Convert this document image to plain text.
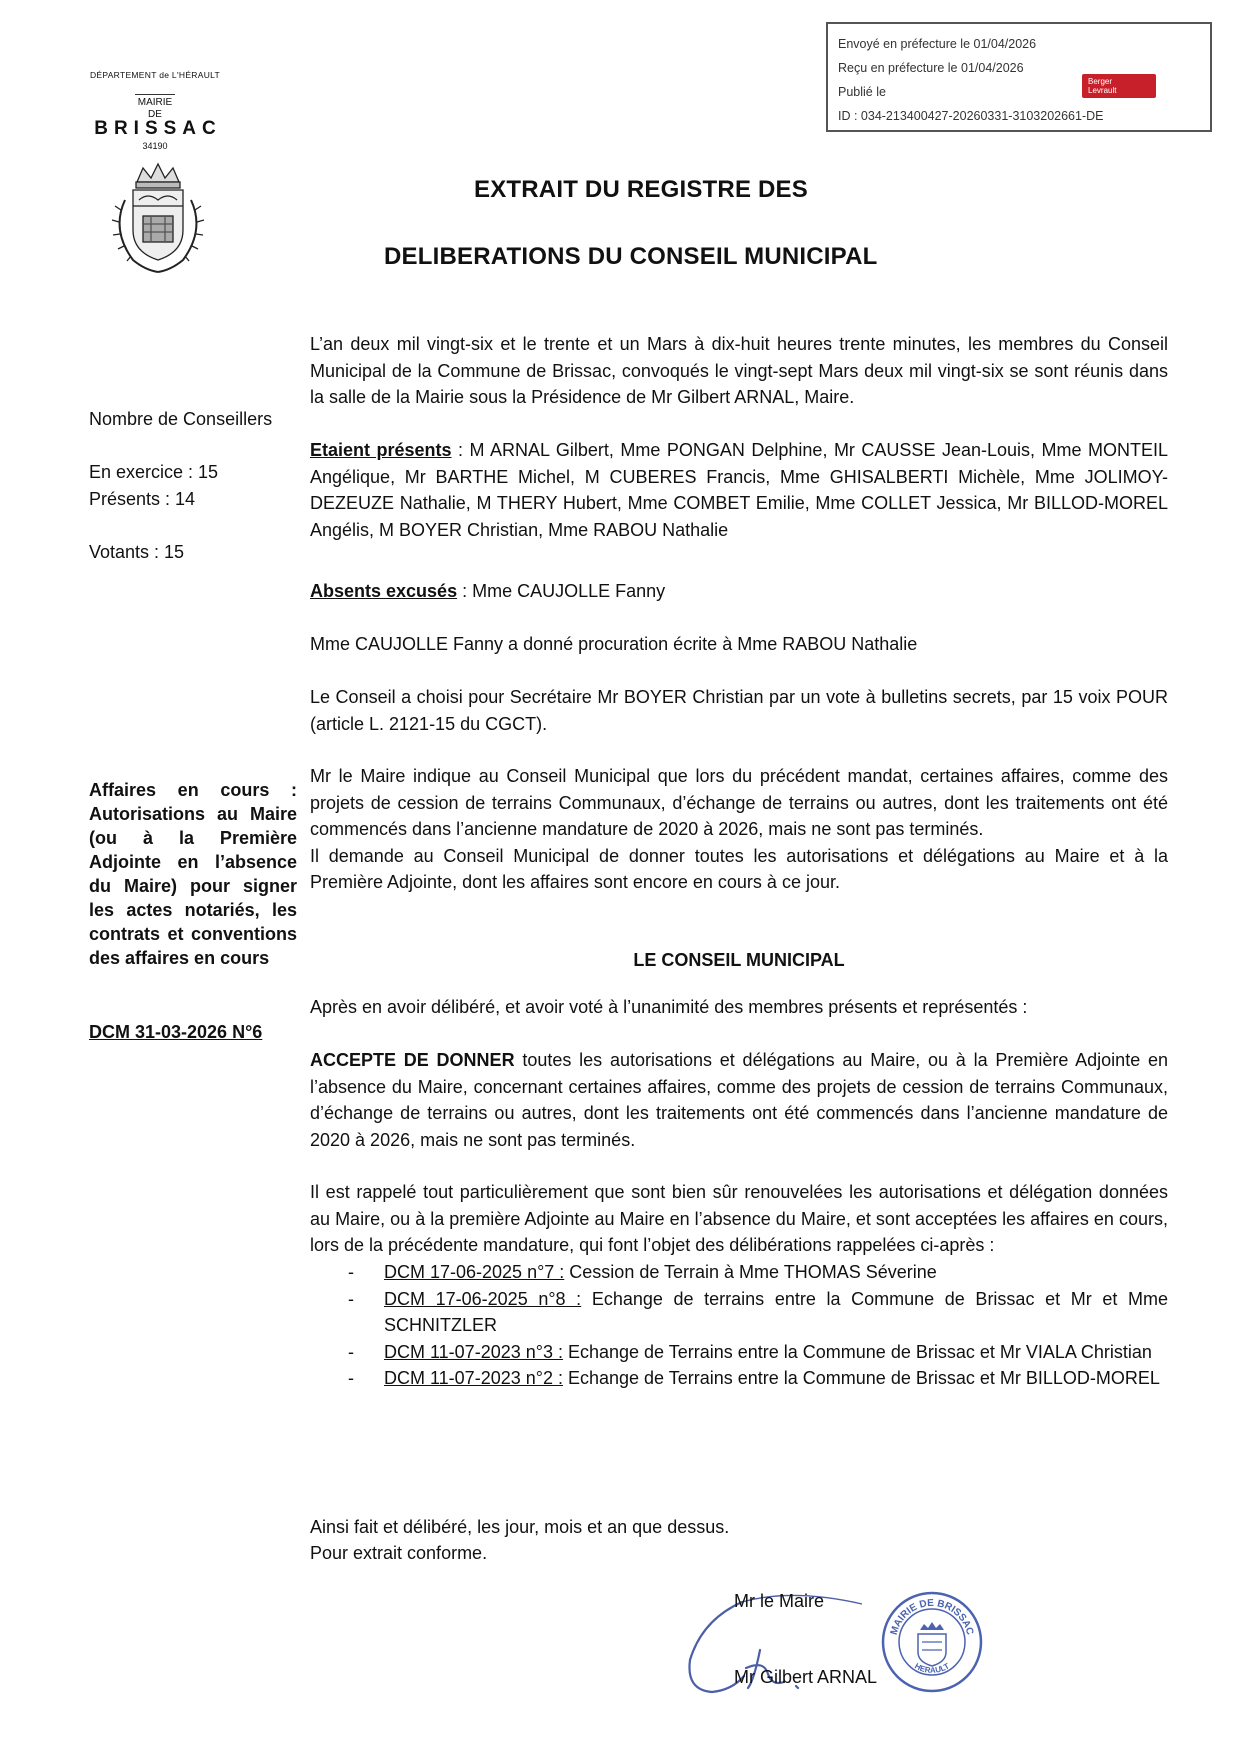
Envoyé en préfecture le 01/04/2026
Reçu en préfecture le 01/04/2026
Publié le
ID : 034-213400427-20260331-3103202661-DE
Berger
Levrault
DÉPARTEMENT de L'HÉRAULT
MAIRIE
DE
BRISSAC
34190
EXTRAIT DU REGISTRE DES
DELIBERATIONS DU CONSEIL MUNICIPAL
Nombre de Conseillers
En exercice : 15
Présents : 14
Votants : 15
Affaires en cours : Autorisations au Maire (ou à la Première Adjointe en l’absence du Maire) pour signer les actes notariés, les contrats et conventions des affaires en cours
DCM 31-03-2026 N°6
L’an deux mil vingt-six et le trente et un Mars à dix-huit heures trente minutes, les membres du Conseil Municipal de la Commune de Brissac, convoqués le vingt-sept Mars deux mil vingt-six se sont réunis dans la salle de la Mairie sous la Présidence de Mr Gilbert ARNAL, Maire.
Etaient présents : M ARNAL Gilbert, Mme PONGAN Delphine, Mr CAUSSE Jean-Louis, Mme MONTEIL Angélique, Mr BARTHE Michel, M CUBERES Francis, Mme GHISALBERTI Michèle, Mme JOLIMOY-DEZEUZE Nathalie, M THERY Hubert, Mme COMBET Emilie, Mme COLLET Jessica, Mr BILLOD-MOREL Angélis, M BOYER Christian, Mme RABOU Nathalie
Absents excusés : Mme CAUJOLLE Fanny
Mme CAUJOLLE Fanny a donné procuration écrite à Mme RABOU Nathalie
Le Conseil a choisi pour Secrétaire Mr BOYER Christian par un vote à bulletins secrets, par 15 voix POUR (article L. 2121-15 du CGCT).
Mr le Maire indique au Conseil Municipal que lors du précédent mandat, certaines affaires, comme des projets de cession de terrains Communaux, d’échange de terrains ou autres, dont les traitements ont été commencés dans l’ancienne mandature de 2020 à 2026, mais ne sont pas terminés.
Il demande au Conseil Municipal de donner toutes les autorisations et délégations au Maire et à la Première Adjointe, dont les affaires sont encore en cours à ce jour.
LE CONSEIL MUNICIPAL
Après en avoir délibéré, et avoir voté à l’unanimité des membres présents et représentés :
ACCEPTE DE DONNER toutes les autorisations et délégations au Maire, ou à la Première Adjointe en l’absence du Maire, concernant certaines affaires, comme des projets de cession de terrains Communaux, d’échange de terrains ou autres, dont les traitements ont été commencés dans l’ancienne mandature de 2020 à 2026, mais ne sont pas terminés.
Il est rappelé tout particulièrement que sont bien sûr renouvelées les autorisations et délégation données au Maire, ou à la première Adjointe au Maire en l’absence du Maire, et sont acceptées les affaires en cours, lors de la précédente mandature, qui font l’objet des délibérations rappelées ci-après :
- DCM 17-06-2025 n°7 : Cession de Terrain à Mme THOMAS Séverine
- DCM 17-06-2025 n°8 : Echange de terrains entre la Commune de Brissac et Mr et Mme SCHNITZLER
- DCM 11-07-2023 n°3 : Echange de Terrains entre la Commune de Brissac et Mr VIALA Christian
- DCM 11-07-2023 n°2 : Echange de Terrains entre la Commune de Brissac et Mr BILLOD-MOREL
Ainsi fait et délibéré, les jour, mois et an que dessus.
Pour extrait conforme.
Mr le Maire
Mr Gilbert ARNAL
MAIRIE DE BRISSAC
HERAULT
